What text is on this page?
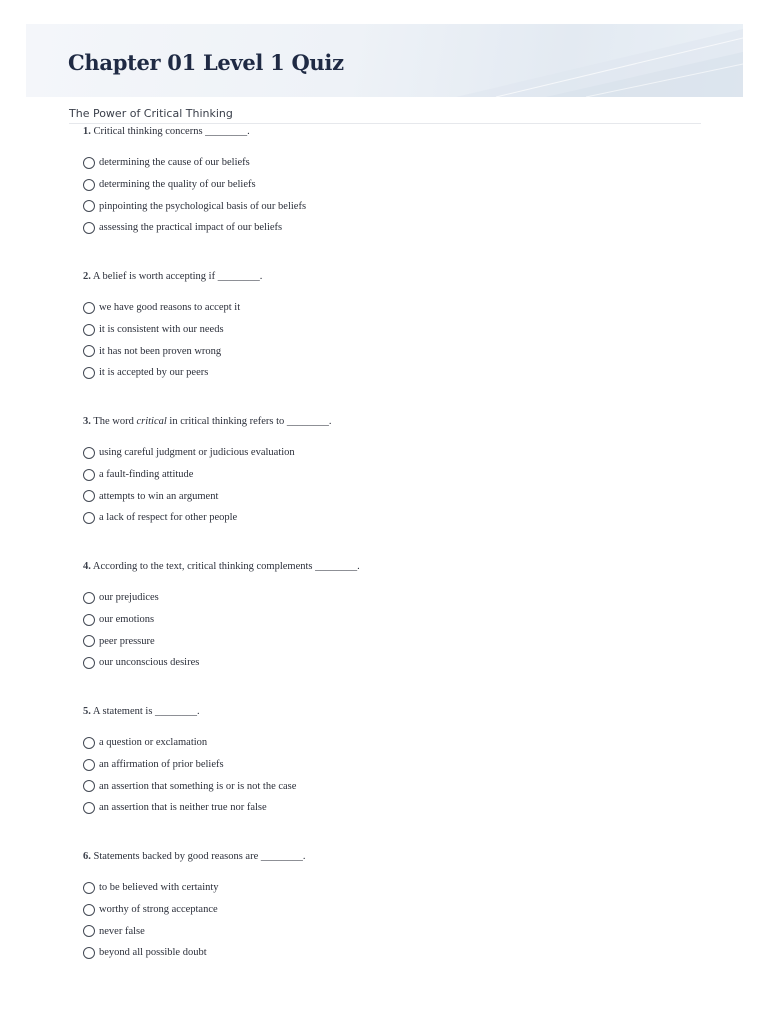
Chapter 01 Level 1 Quiz
The Power of Critical Thinking
1. Critical thinking concerns ________.
determining the cause of our beliefs
determining the quality of our beliefs
pinpointing the psychological basis of our beliefs
assessing the practical impact of our beliefs
2. A belief is worth accepting if ________.
we have good reasons to accept it
it is consistent with our needs
it has not been proven wrong
it is accepted by our peers
3. The word critical in critical thinking refers to ________.
using careful judgment or judicious evaluation
a fault-finding attitude
attempts to win an argument
a lack of respect for other people
4. According to the text, critical thinking complements ________.
our prejudices
our emotions
peer pressure
our unconscious desires
5. A statement is ________.
a question or exclamation
an affirmation of prior beliefs
an assertion that something is or is not the case
an assertion that is neither true nor false
6. Statements backed by good reasons are ________.
to be believed with certainty
worthy of strong acceptance
never false
beyond all possible doubt
